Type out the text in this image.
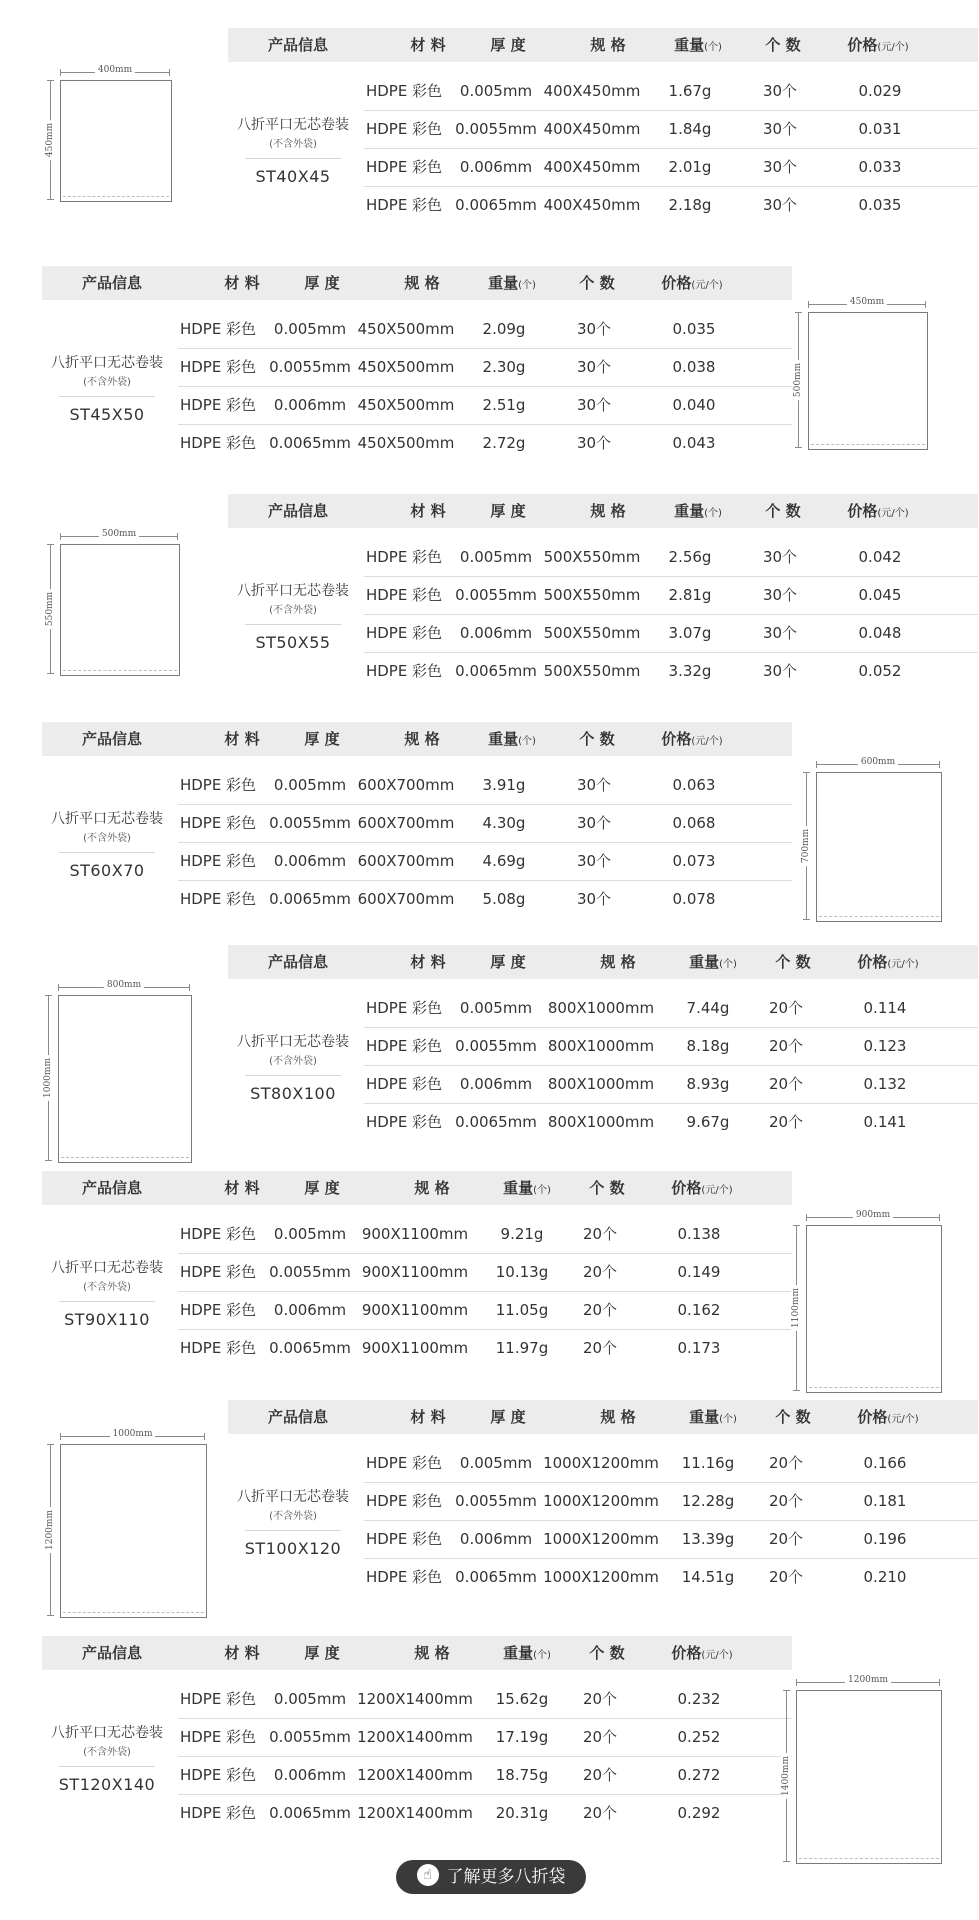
产品信息	材 料	厚 度	规 格	重量(个)	个 数	价格(元/个)
八折平口无芯卷装
(不含外袋)
ST40X45
HDPE 彩色	0.005mm 400X450mm	1.67g	30个	0.029
HDPE 彩色 0.0055mm 400X450mm	1.84g	30个	0.031
HDPE 彩色	0.006mm 400X450mm	2.01g	30个	0.033
HDPE 彩色 0.0065mm 400X450mm	2.18g	30个	0.035
400mm
450mm
产品信息	材 料	厚 度	规 格	重量(个)	个 数	价格(元/个)
八折平口无芯卷装
(不含外袋)
ST45X50
HDPE 彩色	0.005mm 450X500mm	2.09g	30个	0.035
HDPE 彩色 0.0055mm 450X500mm	2.30g	30个	0.038
HDPE 彩色	0.006mm 450X500mm	2.51g	30个	0.040
HDPE 彩色 0.0065mm 450X500mm	2.72g	30个	0.043
450mm
500mm
产品信息	材 料	厚 度	规 格	重量(个)	个 数	价格(元/个)
八折平口无芯卷装
(不含外袋)
ST50X55
HDPE 彩色	0.005mm 500X550mm	2.56g	30个	0.042
HDPE 彩色 0.0055mm 500X550mm	2.81g	30个	0.045
HDPE 彩色	0.006mm 500X550mm	3.07g	30个	0.048
HDPE 彩色 0.0065mm 500X550mm	3.32g	30个	0.052
500mm
550mm
产品信息	材 料	厚 度	规 格	重量(个)	个 数	价格(元/个)
八折平口无芯卷装
(不含外袋)
ST60X70
HDPE 彩色	0.005mm 600X700mm	3.91g	30个	0.063
HDPE 彩色 0.0055mm 600X700mm	4.30g	30个	0.068
HDPE 彩色	0.006mm 600X700mm	4.69g	30个	0.073
HDPE 彩色 0.0065mm 600X700mm	5.08g	30个	0.078
600mm
700mm
产品信息	材 料	厚 度	规 格	重量(个)	个 数	价格(元/个)
八折平口无芯卷装
(不含外袋)
ST80X100
HDPE 彩色	0.005mm	800X1000mm	7.44g	20个	0.114
HDPE 彩色 0.0055mm 800X1000mm	8.18g	20个	0.123
HDPE 彩色	0.006mm	800X1000mm	8.93g	20个	0.132
HDPE 彩色 0.0065mm 800X1000mm	9.67g	20个	0.141
800mm
1000mm
产品信息	材 料	厚 度	规 格	重量(个)	个 数	价格(元/个)
八折平口无芯卷装
(不含外袋)
ST90X110
HDPE 彩色	0.005mm	900X1100mm	9.21g	20个	0.138
HDPE 彩色 0.0055mm 900X1100mm	10.13g	20个	0.149
HDPE 彩色	0.006mm	900X1100mm	11.05g	20个	0.162
HDPE 彩色 0.0065mm 900X1100mm	11.97g	20个	0.173
900mm
1100mm
产品信息	材 料	厚 度	规 格	重量(个)	个 数	价格(元/个)
八折平口无芯卷装
(不含外袋)
ST100X120
HDPE 彩色	0.005mm 1000X1200mm	11.16g	20个	0.166
HDPE 彩色 0.0055mm 1000X1200mm	12.28g	20个	0.181
HDPE 彩色	0.006mm 1000X1200mm	13.39g	20个	0.196
HDPE 彩色 0.0065mm 1000X1200mm	14.51g	20个	0.210
1000mm
1200mm
产品信息	材 料	厚 度	规 格	重量(个)	个 数	价格(元/个)
八折平口无芯卷装
(不含外袋)
ST120X140
HDPE 彩色	0.005mm 1200X1400mm	15.62g	20个	0.232
HDPE 彩色 0.0055mm 1200X1400mm	17.19g	20个	0.252
HDPE 彩色	0.006mm 1200X1400mm	18.75g	20个	0.272
HDPE 彩色 0.0065mm 1200X1400mm	20.31g	20个	0.292
1200mm
1400mm
☝ 了解更多八折袋
